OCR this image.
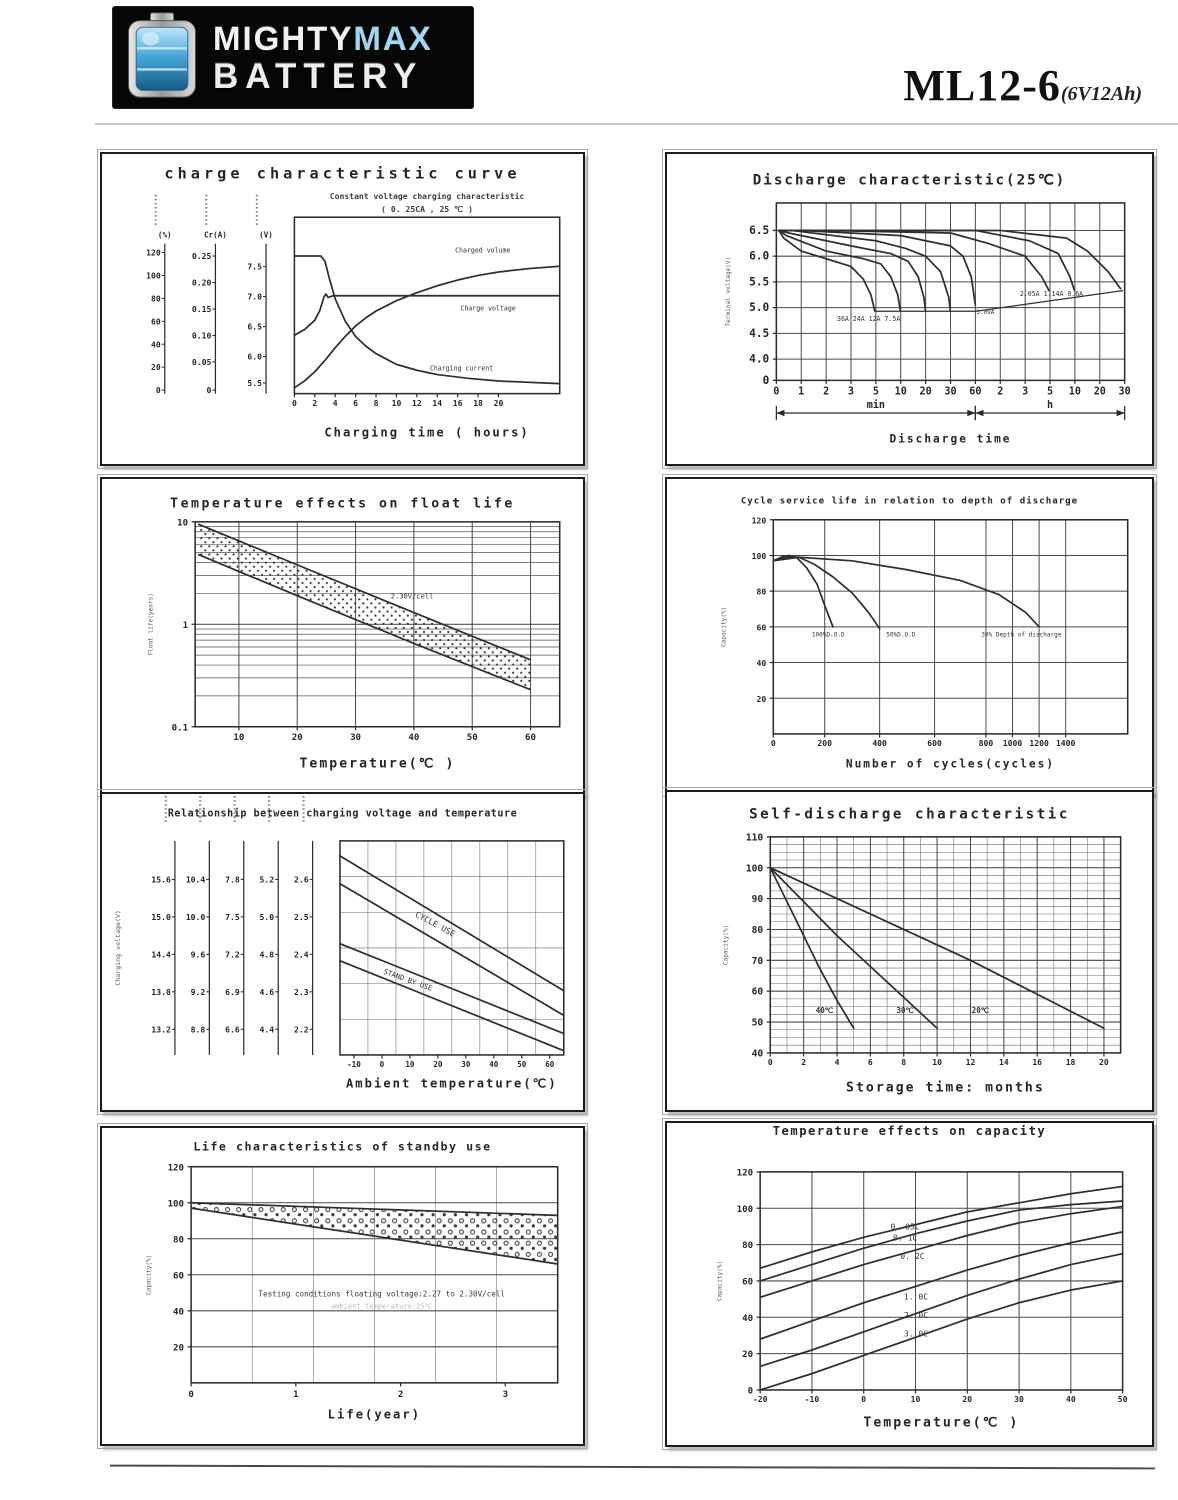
MIGHTYMAX
BATTERY	ML12-6(6V12Ah)
charge characteristic curve
Constant voltage charging characteristic
( 0. 25CA , 25 ℃ )
0 2 4 6 8 10 12 14 16 18 20
120
100
80
60
40
20
0
(%)
0.25
0.20
0.15
0.10
0.05
0
Cr(A)
7.5
7.0
6.5
6.0
5.5
(V)
Charged volume
Charge voltage
Charging current
Charging time ( hours)
Discharge characteristic(25℃)
0 1 2 3 5 10 20 30 60 2 3 5 10 20 30
6.5
6.0
5.5
5.0
4.5
4.0
0
min	h
36A 24A 12A 7.5A
3.09A
2.05A 1.14A 0.6A
Discharge time
Terminal voltage(V)
Temperature effects on float life
10	20	30	40	50	60
10
1
0.1
2.30V/cell
Temperature(℃ )
Float life(years)
Cycle service life in relation to depth of discharge
0	200	400	600	800 1000 1200 1400
120
100
80
60
40
20
100%D.O.D	50%D.O.D	30% Depth of discharge
Number of cycles(cycles)
Capacity(%)
Relationship between charging voltage and temperature
-10	0	10	20	30	40	50	60
15.6
15.0
14.4
13.8
13.2
10.4
10.0
9.6
9.2
8.8
7.8
7.5
7.2
6.9
6.6
5.2
5.0
4.8
4.6
4.4
2.6
2.5
2.4
2.3
2.2
CYCLE USE
STAND BY USE
Ambient temperature(℃)
Charging voltage(V)
Self-discharge characteristic
0	2	4	6	8	10	12	14	16	18	20
110
100
90
80
70
60
50
40
40℃	30℃	20℃
Storage time: months
Capacity(%)
Life characteristics of standby use
0	1	2	3
120
100
80
60
40
20
Testing conditions floating voltage:2.27 to 2.30V/cell
ambient temperature:25℃
Life(year)
Capacity(%)
Temperature effects on capacity
-20	-10	0	10	20	30	40	50
120
100
80
60
40
20
0
0. 05C
0. 1C
0. 2C
1. 0C
2. 0C
3. 0C
Temperature(℃ )
Capacity(%)
